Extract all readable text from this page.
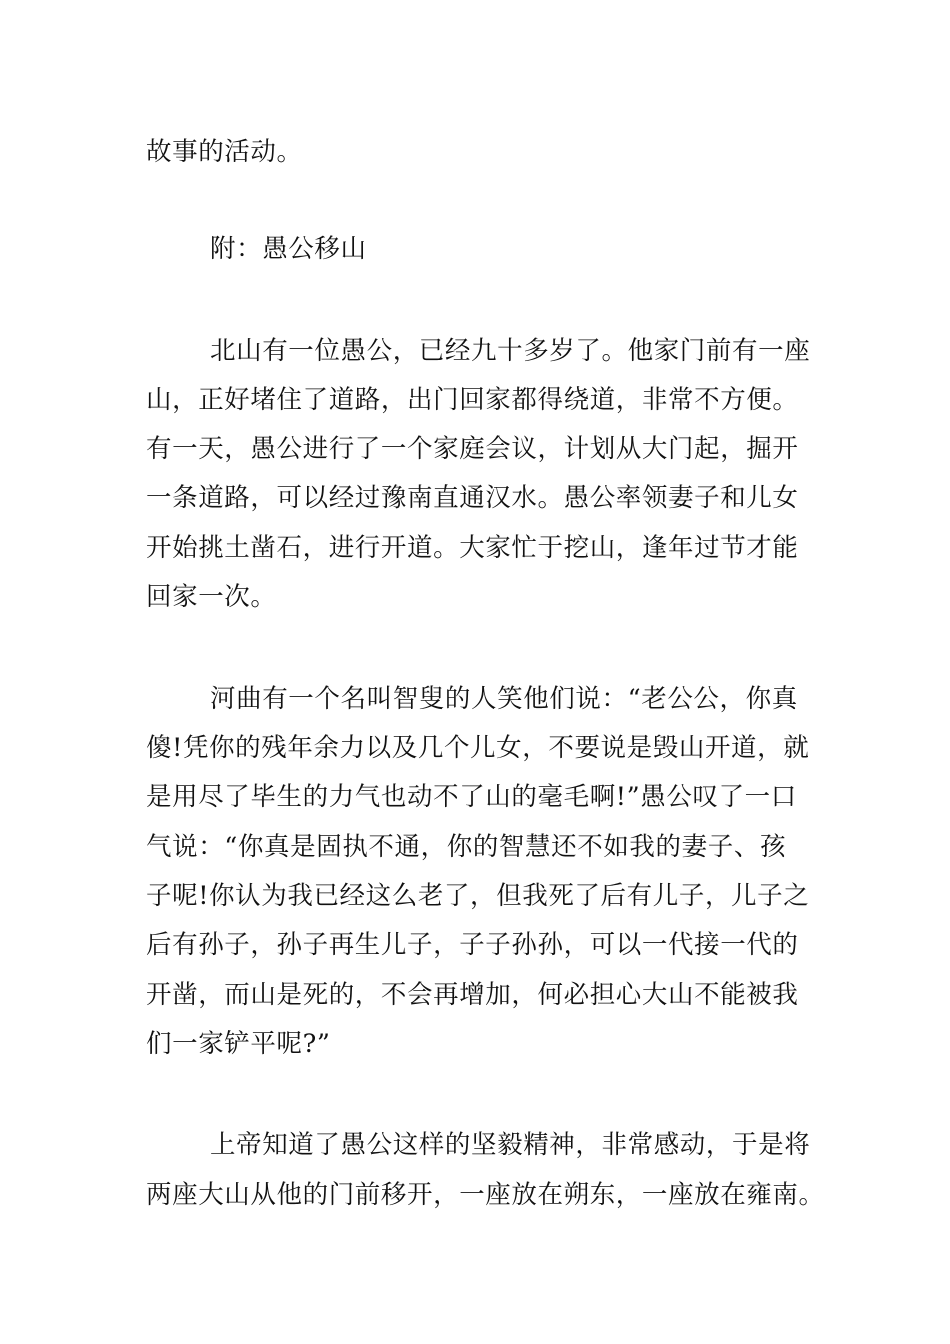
故事的活动。
附：愚公移山
北山有一位愚公，已经九十多岁了。他家门前有一座
山，正好堵住了道路，出门回家都得绕道，非常不方便。
有一天，愚公进行了一个家庭会议，计划从大门起，掘开
一条道路，可以经过豫南直通汉水。愚公率领妻子和儿女
开始挑土凿石，进行开道。大家忙于挖山，逢年过节才能
回家一次。
河曲有一个名叫智叟的人笑他们说：“老公公，你真
傻!凭你的残年余力以及几个儿女，不要说是毁山开道，就
是用尽了毕生的力气也动不了山的毫毛啊!”愚公叹了一口
气说：“你真是固执不通，你的智慧还不如我的妻子、孩
子呢!你认为我已经这么老了，但我死了后有儿子，儿子之
后有孙子，孙子再生儿子，子子孙孙，可以一代接一代的
开凿，而山是死的，不会再增加，何必担心大山不能被我
们一家铲平呢?”
上帝知道了愚公这样的坚毅精神，非常感动，于是将
两座大山从他的门前移开，一座放在朔东，一座放在雍南。
